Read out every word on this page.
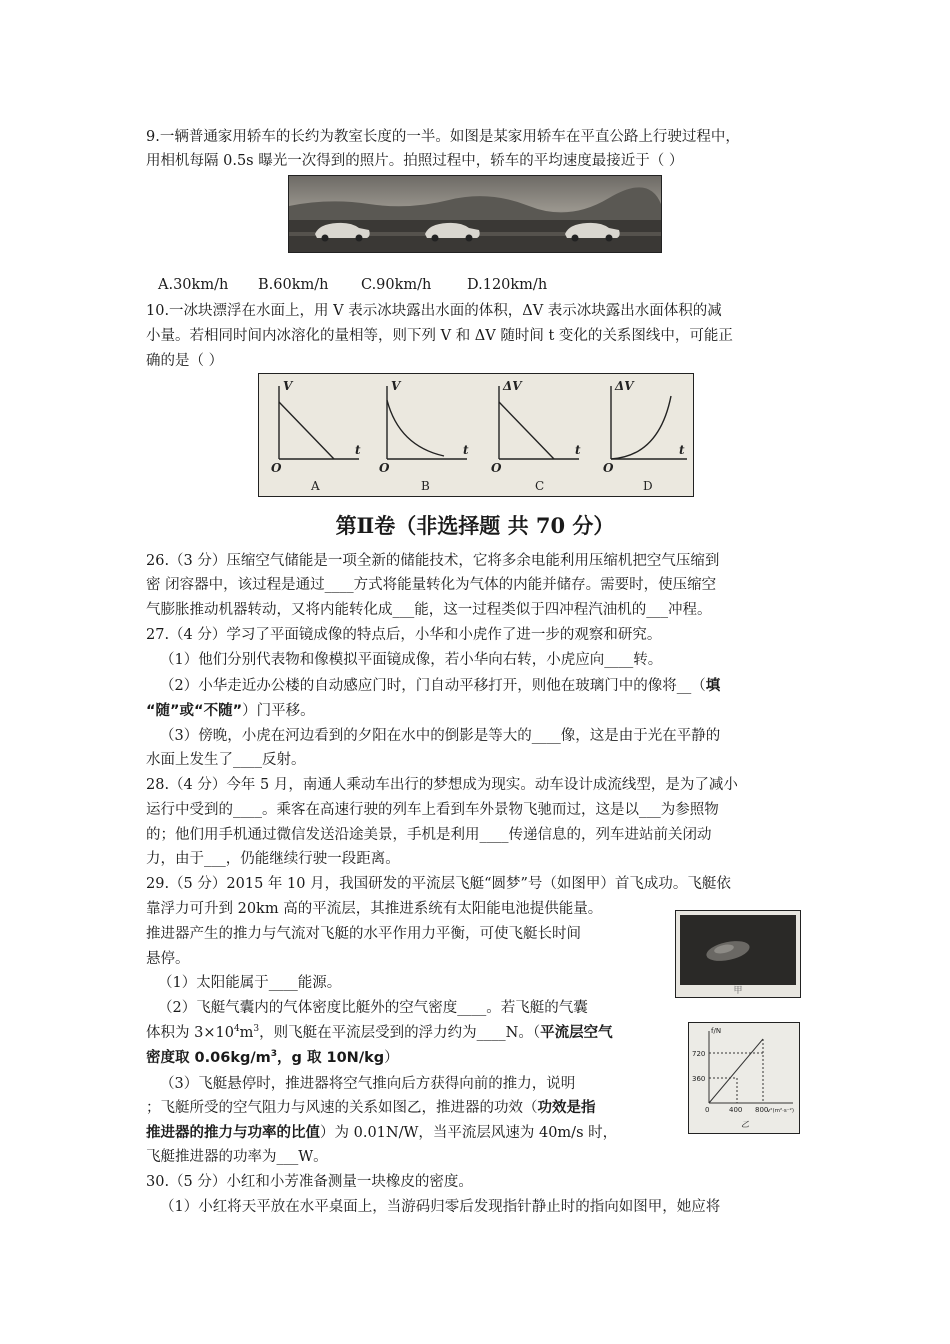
9.一辆普通家用轿车的长约为教室长度的一半。如图是某家用轿车在平直公路上行驶过程中，
用相机每隔 0.5s 曝光一次得到的照片。拍照过程中，轿车的平均速度最接近于（ ）
A.30km/h B.60km/h C.90km/h D.120km/h
10.一冰块漂浮在水面上，用 V 表示冰块露出水面的体积，ΔV 表示冰块露出水面体积的减
小量。若相同时间内冰溶化的量相等，则下列 V 和 ΔV 随时间 t 变化的关系图线中，可能正
确的是（ ）
V
t
O
V
t
O
ΔV
t
O
ΔV
t
O
A	B	C	D
第Ⅱ卷（非选择题 共 70 分）
26.（3 分）压缩空气储能是一项全新的储能技术，它将多余电能利用压缩机把空气压缩到
密 闭容器中，该过程是通过____方式将能量转化为气体的内能并储存。需要时，使压缩空
气膨胀推动机器转动，又将内能转化成___能，这一过程类似于四冲程汽油机的___冲程。
27.（4 分）学习了平面镜成像的特点后，小华和小虎作了进一步的观察和研究。
（1）他们分别代表物和像模拟平面镜成像，若小华向右转，小虎应向____转。
（2）小华走近办公楼的自动感应门时，门自动平移打开，则他在玻璃门中的像将__（填
“随”或“不随”）门平移。
（3）傍晚，小虎在河边看到的夕阳在水中的倒影是等大的____像，这是由于光在平静的
水面上发生了____反射。
28.（4 分）今年 5 月，南通人乘动车出行的梦想成为现实。动车设计成流线型，是为了减小
运行中受到的____。乘客在高速行驶的列车上看到车外景物飞驰而过，这是以___为参照物
的；他们用手机通过微信发送沿途美景，手机是利用____传递信息的，列车进站前关闭动
力，由于___，仍能继续行驶一段距离。
29.（5 分）2015 年 10 月，我国研发的平流层飞艇“圆梦”号（如图甲）首飞成功。飞艇依
靠浮力可升到 20km 高的平流层，其推进系统有太阳能电池提供能量。
推进器产生的推力与气流对飞艇的水平作用力平衡，可使飞艇长时间
悬停。
（1）太阳能属于____能源。
（2）飞艇气囊内的气体密度比艇外的空气密度____。若飞艇的气囊
体积为 $3\times 10^4m^3$，则飞艇在平流层受到的浮力约为____N。（平流层空气
密度取 $0.06kg/m^3$，g 取 10N/kg）
（3）飞艇悬停时，推进器将空气推向后方获得向前的推力，说明
；飞艇所受的空气阻力与风速的关系如图乙，推进器的功效（功效是指
推进器的推力与功率的比值）为 0.01N/W，当平流层风速为 40m/s 时，
飞艇推进器的功率为___W。
甲
f/N
720
360
0	400 800
v²(m²·s⁻²)
乙
30.（5 分）小红和小芳准备测量一块橡皮的密度。
（1）小红将天平放在水平桌面上，当游码归零后发现指针静止时的指向如图甲，她应将
